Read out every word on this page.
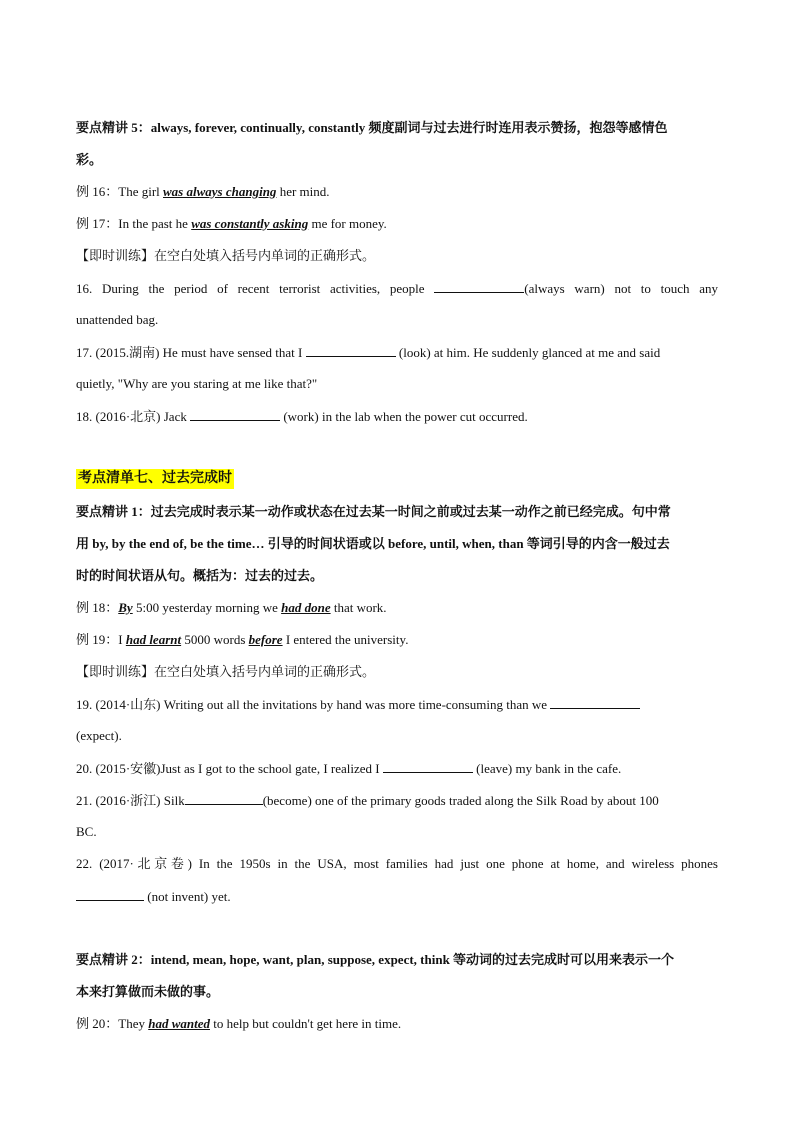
要点精讲 5：always, forever, continually, constantly 频度副词与过去进行时连用表示赞扬，抱怨等感情色
彩。
例 16：The girl was always changing her mind.
例 17：In the past he was constantly asking me for money.
【即时训练】在空白处填入括号内单词的正确形式。
16. During the period of recent terrorist activities, people	(always warn) not to touch any
unattended bag.
17. (2015.湖南) He must have sensed that I	(look) at him. He suddenly glanced at me and said
quietly, "Why are you staring at me like that?"
18. (2016·北京) Jack	(work) in the lab when the power cut occurred.
考点清单七、过去完成时
要点精讲 1：过去完成时表示某一动作或状态在过去某一时间之前或过去某一动作之前已经完成。句中常
用 by, by the end of, be the time… 引导的时间状语或以 before, until, when, than 等词引导的内含一般过去
时的时间状语从句。概括为：过去的过去。
例 18：By 5:00 yesterday morning we had done that work.
例 19：I had learnt 5000 words before I entered the university.
【即时训练】在空白处填入括号内单词的正确形式。
19. (2014·山东) Writing out all the invitations by hand was more time-consuming than we
(expect).
20. (2015·安徽)Just as I got to the school gate, I realized I	(leave) my bank in the cafe.
21. (2016·浙江) Silk	(become) one of the primary goods traded along the Silk Road by about 100
BC.
22. (2017·北京卷) In the 1950s in the USA, most families had just one phone at home, and wireless phones
(not invent) yet.
要点精讲 2：intend, mean, hope, want, plan, suppose, expect, think 等动词的过去完成时可以用来表示一个
本来打算做而未做的事。
例 20：They had wanted to help but couldn't get here in time.
